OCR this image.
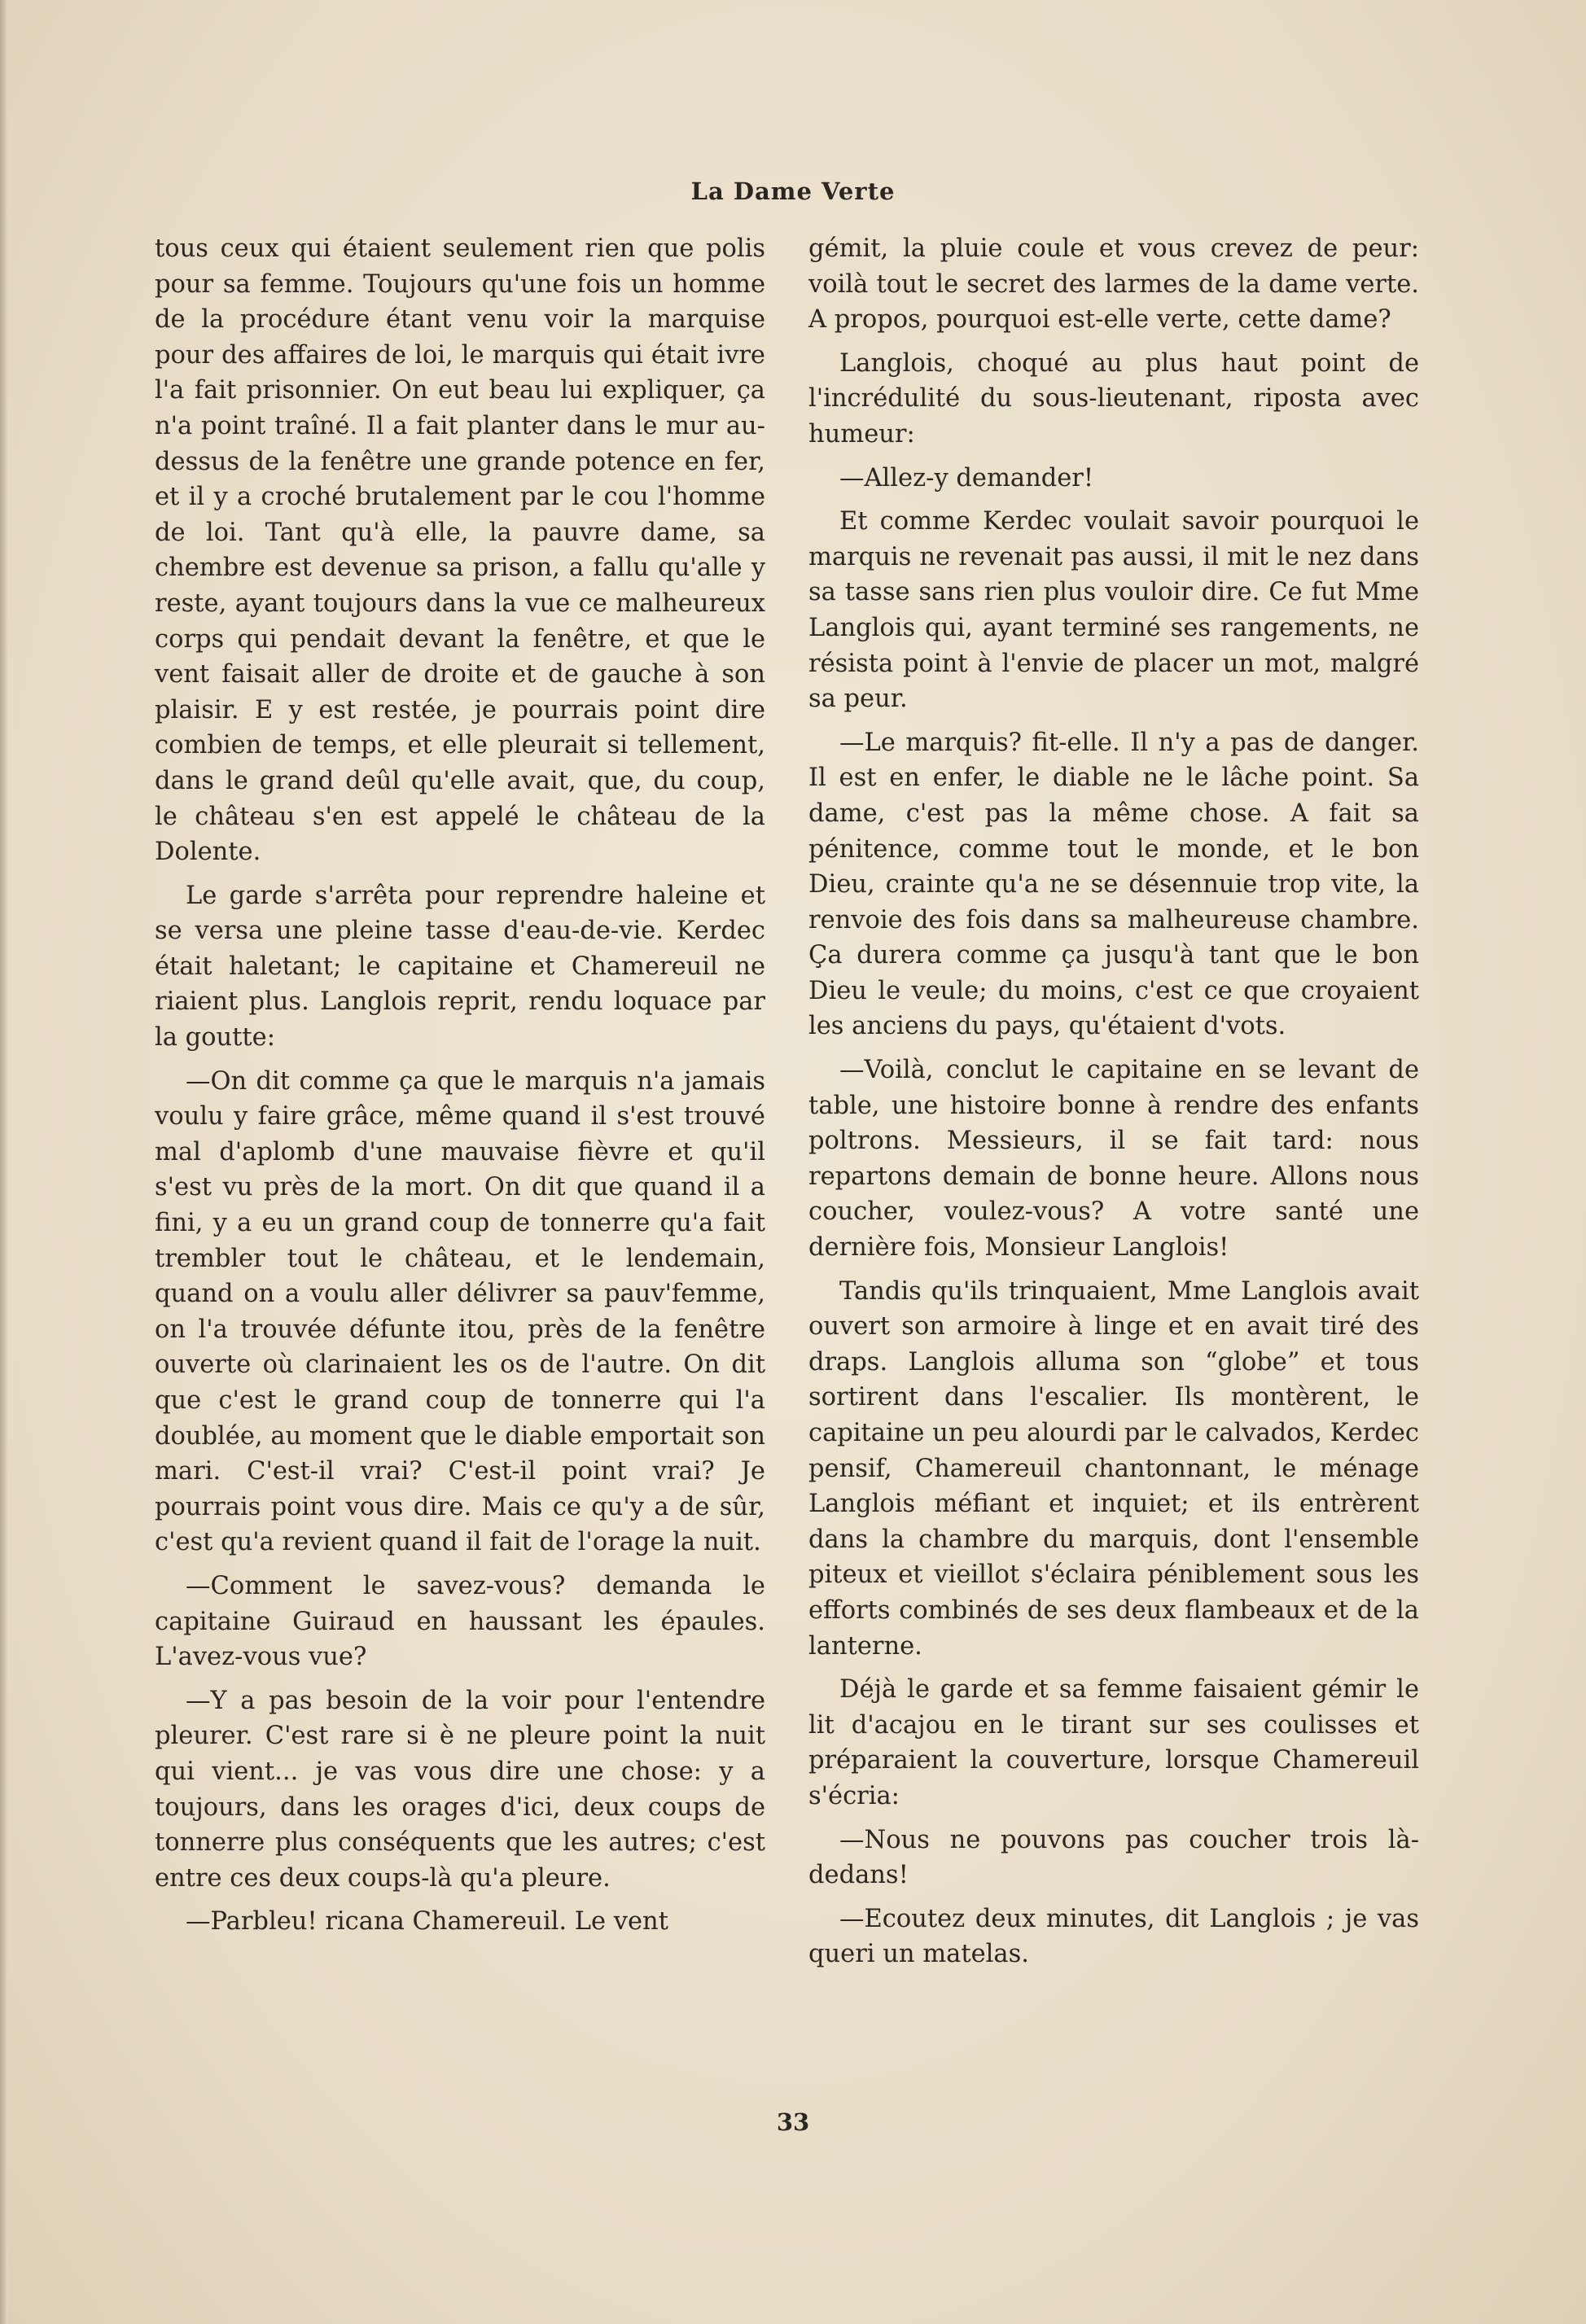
La Dame Verte

tous ceux qui étaient seulement rien que polis pour sa femme. Toujours qu'une fois un homme de la procédure étant venu voir la marquise pour des affaires de loi, le marquis qui était ivre l'a fait prisonnier. On eut beau lui expliquer, ça n'a point traîné. Il a fait planter dans le mur au-dessus de la fenêtre une grande potence en fer, et il y a croché brutalement par le cou l'homme de loi. Tant qu'à elle, la pauvre dame, sa chembre est devenue sa prison, a fallu qu'alle y reste, ayant toujours dans la vue ce malheureux corps qui pendait devant la fenêtre, et que le vent faisait aller de droite et de gauche à son plaisir. E y est restée, je pourrais point dire combien de temps, et elle pleurait si tellement, dans le grand deûl qu'elle avait, que, du coup, le château s'en est appelé le château de la Dolente.

Le garde s'arrêta pour reprendre haleine et se versa une pleine tasse d'eau-de-vie. Kerdec était haletant; le capitaine et Chamereuil ne riaient plus. Langlois reprit, rendu loquace par la goutte:

—On dit comme ça que le marquis n'a jamais voulu y faire grâce, même quand il s'est trouvé mal d'aplomb d'une mauvaise fièvre et qu'il s'est vu près de la mort. On dit que quand il a fini, y a eu un grand coup de tonnerre qu'a fait trembler tout le château, et le lendemain, quand on a voulu aller délivrer sa pauv'femme, on l'a trouvée défunte itou, près de la fenêtre ouverte où clarinaient les os de l'autre. On dit que c'est le grand coup de tonnerre qui l'a doublée, au moment que le diable emportait son mari. C'est-il vrai? C'est-il point vrai? Je pourrais point vous dire. Mais ce qu'y a de sûr, c'est qu'a revient quand il fait de l'orage la nuit.

—Comment le savez-vous? demanda le capitaine Guiraud en haussant les épaules. L'avez-vous vue?

—Y a pas besoin de la voir pour l'entendre pleurer. C'est rare si è ne pleure point la nuit qui vient... je vas vous dire une chose: y a toujours, dans les orages d'ici, deux coups de tonnerre plus conséquents que les autres; c'est entre ces deux coups-là qu'a pleure.

—Parbleu! ricana Chamereuil. Le vent

gémit, la pluie coule et vous crevez de peur: voilà tout le secret des larmes de la dame verte. A propos, pourquoi est-elle verte, cette dame?

Langlois, choqué au plus haut point de l'incrédulité du sous-lieutenant, riposta avec humeur:

—Allez-y demander!

Et comme Kerdec voulait savoir pourquoi le marquis ne revenait pas aussi, il mit le nez dans sa tasse sans rien plus vouloir dire. Ce fut Mme Langlois qui, ayant terminé ses rangements, ne résista point à l'envie de placer un mot, malgré sa peur.

—Le marquis? fit-elle. Il n'y a pas de danger. Il est en enfer, le diable ne le lâche point. Sa dame, c'est pas la même chose. A fait sa pénitence, comme tout le monde, et le bon Dieu, crainte qu'a ne se désennuie trop vite, la renvoie des fois dans sa malheureuse chambre. Ça durera comme ça jusqu'à tant que le bon Dieu le veule; du moins, c'est ce que croyaient les anciens du pays, qu'étaient d'vots.

—Voilà, conclut le capitaine en se levant de table, une histoire bonne à rendre des enfants poltrons. Messieurs, il se fait tard: nous repartons demain de bonne heure. Allons nous coucher, voulez-vous? A votre santé une dernière fois, Monsieur Langlois!

Tandis qu'ils trinquaient, Mme Langlois avait ouvert son armoire à linge et en avait tiré des draps. Langlois alluma son “globe” et tous sortirent dans l'escalier. Ils montèrent, le capitaine un peu alourdi par le calvados, Kerdec pensif, Chamereuil chantonnant, le ménage Langlois méfiant et inquiet; et ils entrèrent dans la chambre du marquis, dont l'ensemble piteux et vieillot s'éclaira péniblement sous les efforts combinés de ses deux flambeaux et de la lanterne.

Déjà le garde et sa femme faisaient gémir le lit d'acajou en le tirant sur ses coulisses et préparaient la couverture, lorsque Chamereuil s'écria:

—Nous ne pouvons pas coucher trois là-dedans!

—Ecoutez deux minutes, dit Langlois ; je vas queri un matelas.

33
